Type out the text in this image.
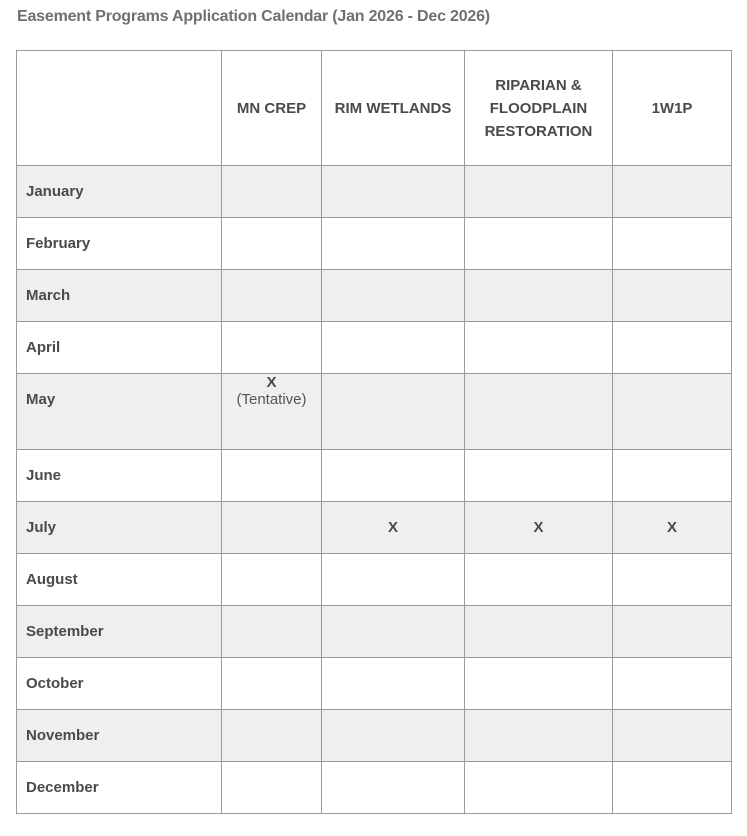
Easement Programs Application Calendar (Jan 2026 - Dec 2026)
	MN CREP	RIM WETLANDS	RIPARIAN &
FLOODPLAIN
RESTORATION	1W1P
January				
February				
March				
April				
May	X
(Tentative)			

June				
July		X	X	X

August				
September				
October				
November				
December				
